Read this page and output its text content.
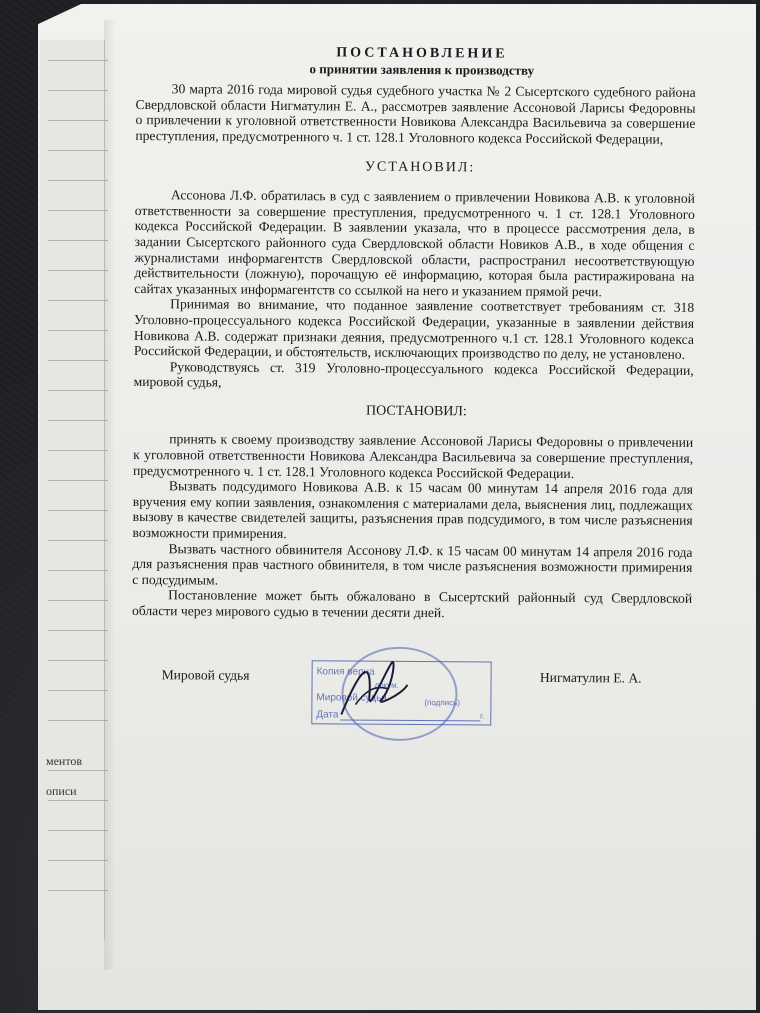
ментов
описи

ПОСТАНОВЛЕНИЕ

о принятии заявления к производству

30 марта 2016 года мировой судья судебного участка № 2 Сысертского судебного района Свердловской области Нигматулин Е. А., рассмотрев заявление Ассоновой Ларисы Федоровны о привлечении к уголовной ответственности Новикова Александра Васильевича за совершение преступления, предусмотренного ч. 1 ст. 128.1 Уголовного кодекса Российской Федерации,

УСТАНОВИЛ:

Ассонова Л.Ф. обратилась в суд с заявлением о привлечении Новикова А.В. к уголовной ответственности за совершение преступления, предусмотренного ч. 1 ст. 128.1 Уголовного кодекса Российской Федерации. В заявлении указала, что в процессе рассмотрения дела, в задании Сысертского районного суда Свердловской области Новиков А.В., в ходе общения с журналистами информагентств Свердловской области, распространил несоответствующую действительности (ложную), порочащую её информацию, которая была растиражирована на сайтах указанных информагентств со ссылкой на него и указанием прямой речи.

Принимая во внимание, что поданное заявление соответствует требованиям ст. 318 Уголовно-процессуального кодекса Российской Федерации, указанные в заявлении действия Новикова А.В. содержат признаки деяния, предусмотренного ч.1 ст. 128.1 Уголовного кодекса Российской Федерации, и обстоятельств, исключающих производство по делу, не установлено.

Руководствуясь ст. 319 Уголовно-процессуального кодекса Российской Федерации, мировой судья,

ПОСТАНОВИЛ:

принять к своему производству заявление Ассоновой Ларисы Федоровны о привлечении к уголовной ответственности Новикова Александра Васильевича за совершение преступления, предусмотренного ч. 1 ст. 128.1 Уголовного кодекса Российской Федерации.

Вызвать подсудимого Новикова А.В. к 15 часам 00 минутам 14 апреля 2016 года для вручения ему копии заявления, ознакомления с материалами дела, выяснения лиц, подлежащих вызову в качестве свидетелей защиты, разъяснения прав подсудимого, в том числе разъяснения возможности примирения.

Вызвать частного обвинителя Ассонову Л.Ф. к 15 часам 00 минутам 14 апреля 2016 года для разъяснения прав частного обвинителя, в том числе разъяснения возможности примирения с подсудимым.

Постановление может быть обжаловано в Сысертский районный суд Свердловской области через мирового судью в течении десяти дней.

Мировой судья	Копия верна
докум.
Мировой судья	(подпись)
Дата	г.
Нигматулин Е. А.
